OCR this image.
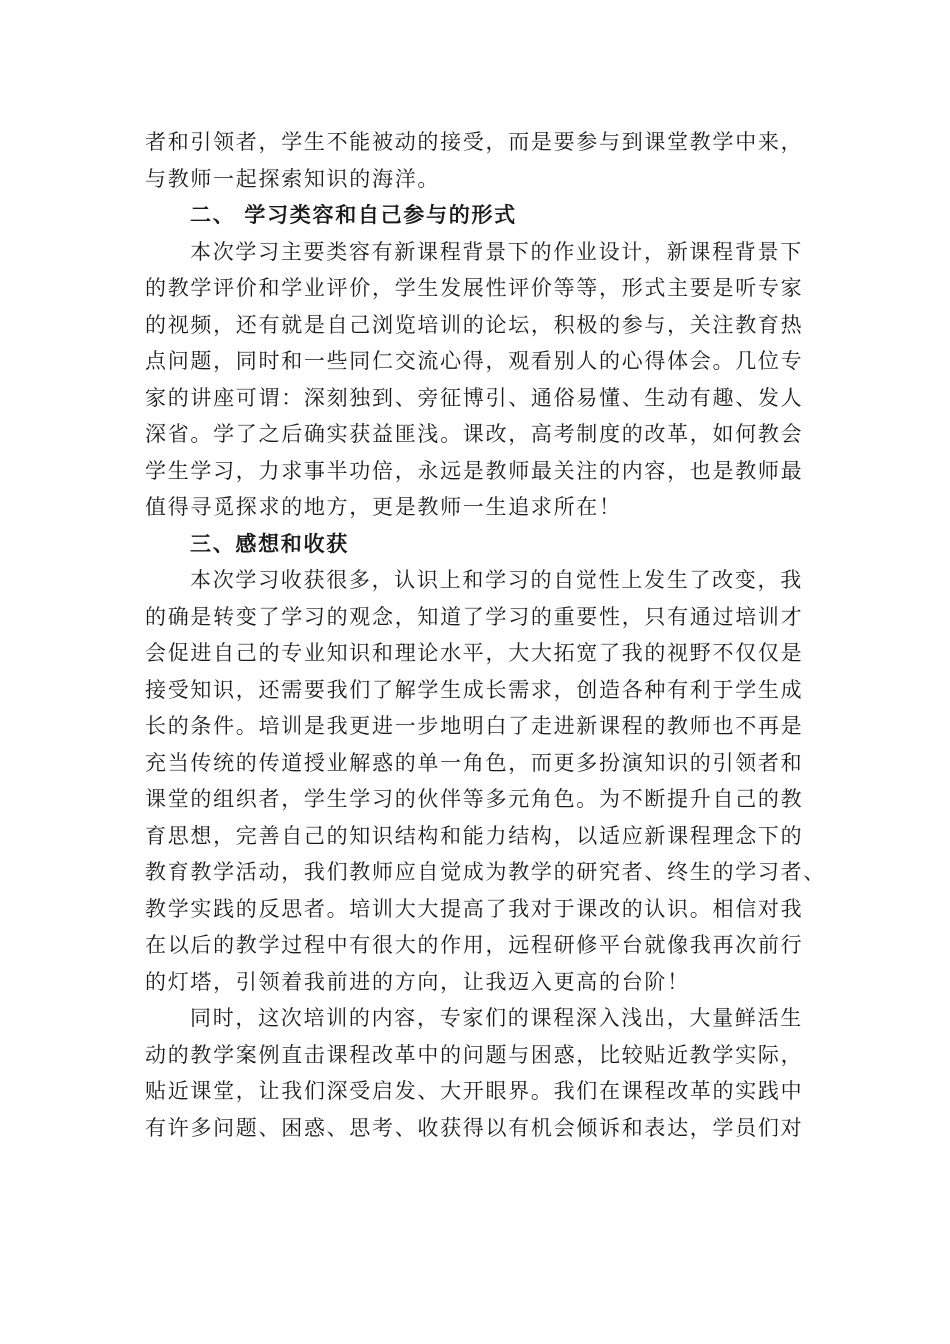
者和引领者，学生不能被动的接受，而是要参与到课堂教学中来，
与教师一起探索知识的海洋。
二、 学习类容和自己参与的形式
本次学习主要类容有新课程背景下的作业设计，新课程背景下
的教学评价和学业评价，学生发展性评价等等，形式主要是听专家
的视频，还有就是自己浏览培训的论坛，积极的参与，关注教育热
点问题，同时和一些同仁交流心得，观看别人的心得体会。几位专
家的讲座可谓：深刻独到、旁征博引、通俗易懂、生动有趣、发人
深省。学了之后确实获益匪浅。课改，高考制度的改革，如何教会
学生学习，力求事半功倍，永远是教师最关注的内容，也是教师最
值得寻觅探求的地方，更是教师一生追求所在！
三、感想和收获
本次学习收获很多，认识上和学习的自觉性上发生了改变，我
的确是转变了学习的观念，知道了学习的重要性，只有通过培训才
会促进自己的专业知识和理论水平，大大拓宽了我的视野不仅仅是
接受知识，还需要我们了解学生成长需求，创造各种有利于学生成
长的条件。培训是我更进一步地明白了走进新课程的教师也不再是
充当传统的传道授业解惑的单一角色，而更多扮演知识的引领者和
课堂的组织者，学生学习的伙伴等多元角色。为不断提升自己的教
育思想，完善自己的知识结构和能力结构，以适应新课程理念下的
教育教学活动，我们教师应自觉成为教学的研究者、终生的学习者、
教学实践的反思者。培训大大提高了我对于课改的认识。相信对我
在以后的教学过程中有很大的作用，远程研修平台就像我再次前行
的灯塔，引领着我前进的方向，让我迈入更高的台阶！
同时，这次培训的内容，专家们的课程深入浅出，大量鲜活生
动的教学案例直击课程改革中的问题与困惑，比较贴近教学实际，
贴近课堂，让我们深受启发、大开眼界。我们在课程改革的实践中
有许多问题、困惑、思考、收获得以有机会倾诉和表达，学员们对
